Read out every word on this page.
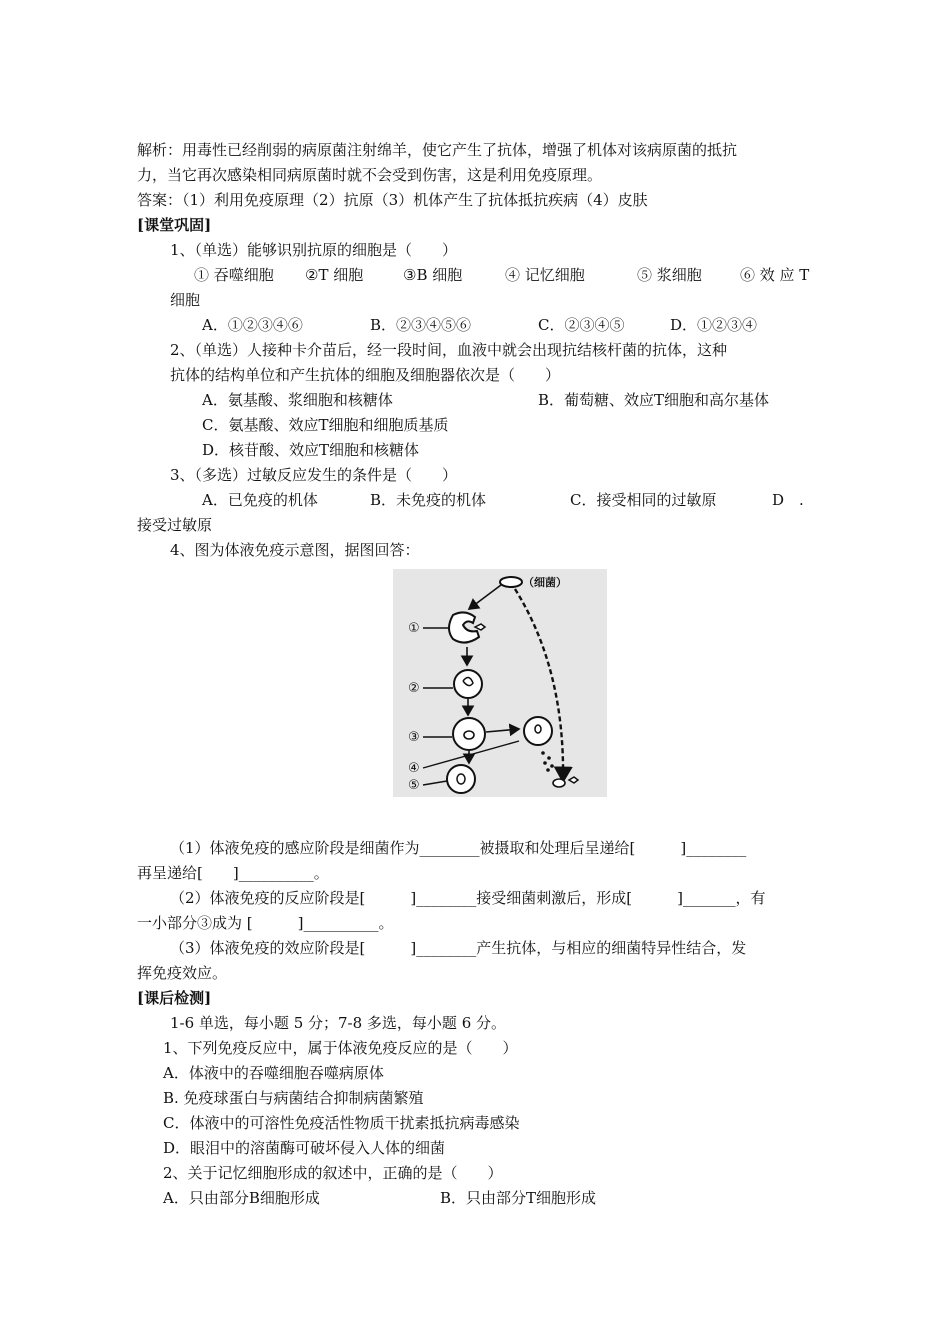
解析：用毒性已经削弱的病原菌注射绵羊，使它产生了抗体，增强了机体对该病原菌的抵抗
力，当它再次感染相同病原菌时就不会受到伤害，这是利用免疫原理。
答案：（1）利用免疫原理（2）抗原（3）机体产生了抗体抵抗疾病（4）皮肤
[课堂巩固]
1、（单选）能够识别抗原的细胞是（　　）
① 吞噬细胞 ②T 细胞	③B 细胞	④ 记忆细胞	⑤ 浆细胞	⑥ 效 应 T
细胞
A．①②③④⑥	B．②③④⑤⑥	C．②③④⑤	D．①②③④
2、（单选）人接种卡介苗后，经一段时间，血液中就会出现抗结核杆菌的抗体，这种
抗体的结构单位和产生抗体的细胞及细胞器依次是（　　）
A．氨基酸、浆细胞和核糖体	B．葡萄糖、效应T细胞和高尔基体
C．氨基酸、效应T细胞和细胞质基质
D．核苷酸、效应T细胞和核糖体
3、（多选）过敏反应发生的条件是（　　）
A．已免疫的机体	B．未免疫的机体	C．接受相同的过敏原	D　.
接受过敏原
4、图为体液免疫示意图，据图回答：
（细菌）
①
②
③
④
⑤
（1）体液免疫的感应阶段是细菌作为________被摄取和处理后呈递给[　　　]________
再呈递给[　　]__________。
（2）体液免疫的反应阶段是[　　　]________接受细菌刺激后，形成[　　　]_______，有
一小部分③成为 [　　　]__________。
（3）体液免疫的效应阶段是[　　　]________产生抗体，与相应的细菌特异性结合，发
挥免疫效应。
[课后检测]
1-6 单选，每小题 5 分；7-8 多选，每小题 6 分。
1、下列免疫反应中，属于体液免疫反应的是（　　）
A．体液中的吞噬细胞吞噬病原体
B. 免疫球蛋白与病菌结合抑制病菌繁殖
C．体液中的可溶性免疫活性物质干扰素抵抗病毒感染
D．眼泪中的溶菌酶可破坏侵入人体的细菌
2、关于记忆细胞形成的叙述中，正确的是（　　）
A．只由部分B细胞形成	B．只由部分T细胞形成
